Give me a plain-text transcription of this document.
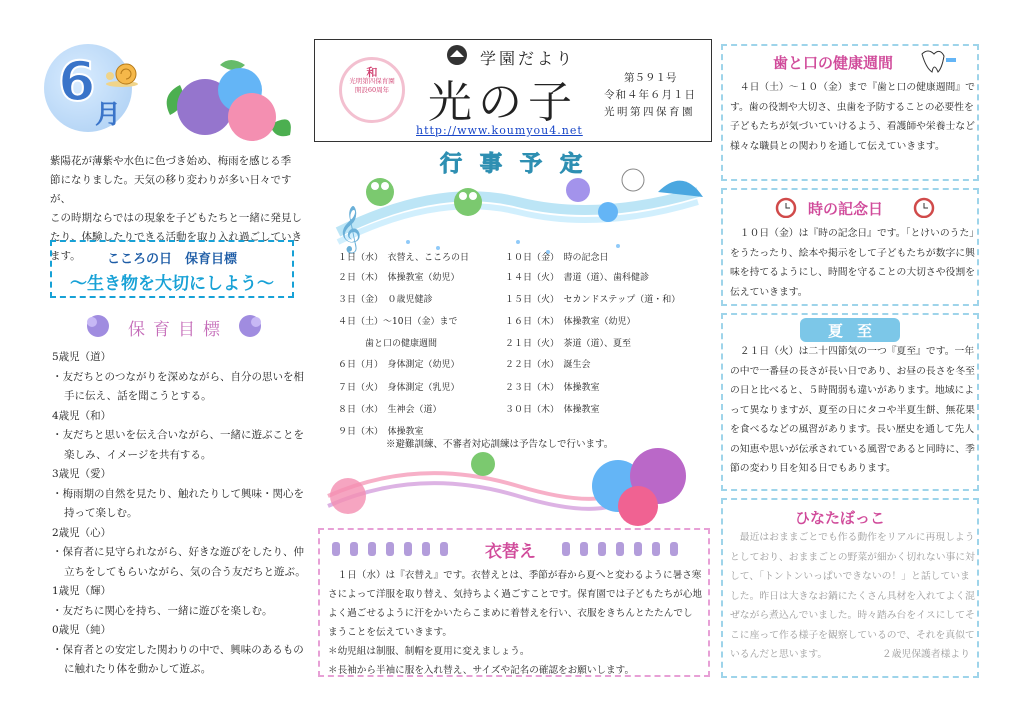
6
月

紫陽花が薄紫や水色に色づき始め、梅雨を感じる季

節になりました。天気の移り変わりが多い日々ですが、

この時期ならではの現象を子どもたちと一緒に発見し

たり、体験したりできる活動を取り入れ過ごしていき

ます。	こころの日　保育目標
～生き物を大切にしよう～
保育目標

5歳児（道）

・友だちとのつながりを深めながら、自分の思いを相手に伝え、話を聞こうとする。

4歳児（和）

・友だちと思いを伝え合いながら、一緒に遊ぶことを楽しみ、イメージを共有する。

3歳児（愛）

・梅雨期の自然を見たり、触れたりして興味・関心を持って楽しむ。

2歳児（心）

・保育者に見守られながら、好きな遊びをしたり、仲立ちをしてもらいながら、気の合う友だちと遊ぶ。

1歳児（輝）

・友だちに関心を持ち、一緒に遊びを楽しむ。

0歳児（純）

・保育者との安定した関わりの中で、興味のあるものに触れたり体を動かして遊ぶ。

和
光明第四保育園
開設60周年
学園だより
光の子	第５９１号
令和４年６月１日
光明第四保育園
http://www.koumyou4.net
行事予定
𝄞
１日（水）　衣替え、こころの日
２日（木）　体操教室（幼児）
３日（金）　０歳児健診
４日（土）～10日（金）まで
　　　歯と口の健康週間
６日（月）　身体測定（幼児）
７日（火）　身体測定（乳児）
８日（水）　生神会（道）
９日（木）　体操教室
１０日（金）　時の記念日
１４日（火）　書道（道）、歯科健診
１５日（火）　セカンドステップ（道・和）
１６日（木）　体操教室（幼児）
２１日（火）　茶道（道）、夏至
２２日（水）　誕生会
２３日（木）　体操教室
３０日（木）　体操教室
※避難訓練、不審者対応訓練は予告なしで行います。
衣替え

　１日（水）は『衣替え』です。衣替えとは、季節が春から夏へと変わるように暑さ寒さによって洋服を取り替え、気持ちよく過ごすことです。保育園では子どもたちが心地よく過ごせるように汗をかいたらこまめに着替えを行い、衣服をきちんとたたんでしまうことを伝えていきます。

＊幼児組は制服、制帽を夏用に変えましょう。

＊長袖から半袖に服を入れ替え、サイズや記名の確認をお願いします。

歯と口の健康週間

　４日（土）～１０（金）まで『歯と口の健康週間』です。歯の役割や大切さ、虫歯を予防することの必要性を子どもたちが気づいていけるよう、看護師や栄養士など様々な職員との関わりを通して伝えていきます。

時の記念日

　１０日（金）は『時の記念日』です。「とけいのうた」をうたったり、絵本や掲示をして子どもたちが数字に興味を持てるようにし、時間を守ることの大切さや役割を伝えていきます。

夏至

　２１日（火）は二十四節気の一つ『夏至』です。一年の中で一番昼の長さが長い日であり、お昼の長さを冬至の日と比べると、５時間弱も違いがあります。地域によって異なりますが、夏至の日にタコや半夏生餅、無花果を食べるなどの風習があります。長い歴史を通して先人の知恵や思いが伝承されている風習であると同時に、季節の変わり目を知る日でもあります。

ひなたぼっこ

　最近はおままごとでも作る動作をリアルに再現しようとしており、おままごとの野菜が細かく切れない事に対して、「トントンいっぱいできないの！」と話していました。昨日は大きなお鍋にたくさん具材を入れてよく混ぜながら煮込んでいました。時々踏み台をイスにしてそこに座って作る様子を観察しているので、それを真似ているんだと思います。	２歳児保護者様より
